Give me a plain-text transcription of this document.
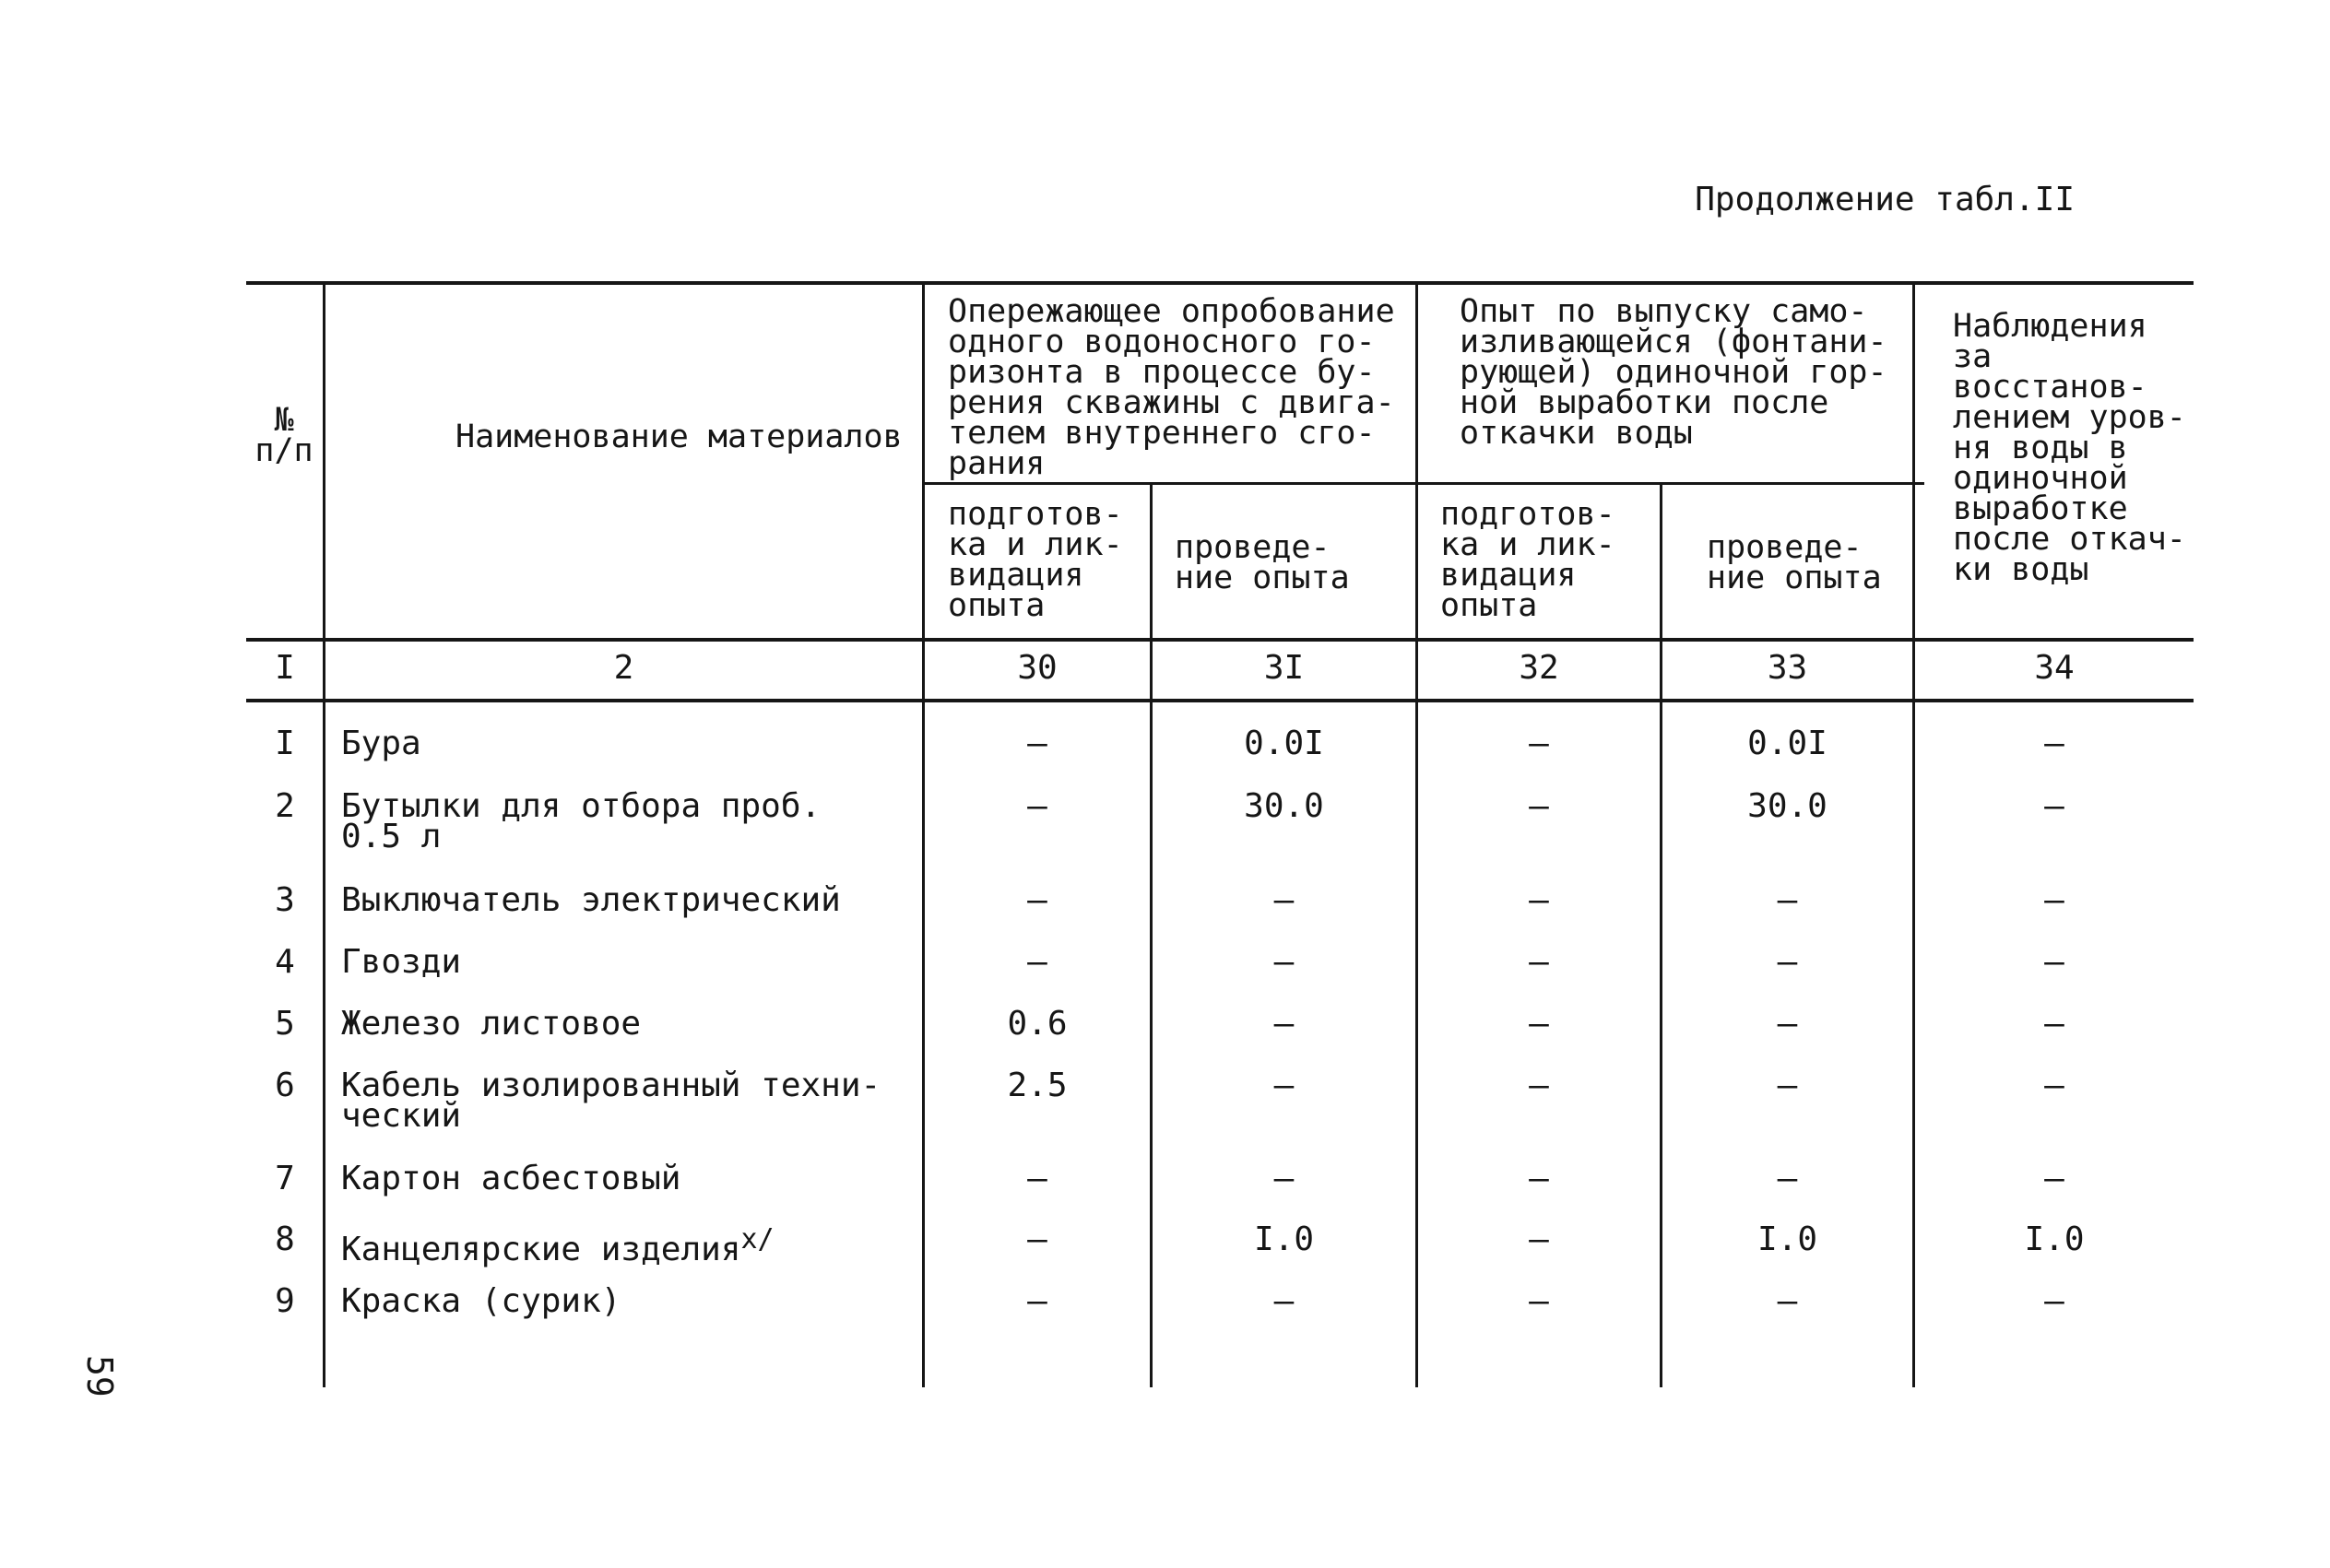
Продолжение табл.II
59
№
п/п	Наименование материалов
Опережающее опробование
одного водоносного го-
ризонта в процессе бу-
рения скважины с двига-
телем внутреннего сго-
рания
Опыт по выпуску само-
изливающейся (фонтани-
рующей) одиночной гор-
ной выработки после
откачки воды
Наблюдения
за восстанов-
лением уров-
ня воды в
одиночной
выработке
после откач-
ки воды
подготов-
ка и лик-
видация
опыта
проведе-
ние опыта
подготов-
ка и лик-
видация
опыта
проведе-
ние опыта
I	2	30	3I	32	33	34
I	Бура	–	0.0I	–	0.0I	–
2	Бутылки для отбора проб.
0.5 л
–	30.0	–	30.0	–
3	Выключатель электрический	–	–	–	–	–
4	Гвозди	–	–	–	–	–
5	Железо листовое	0.6	–	–	–	–
6	Кабель изолированный техни-
ческий
2.5	–	–	–	–
7	Картон асбестовый	–	–	–	–	–
8	Канцелярские изделия$^{х/}$	–	I.0	–	I.0	I.0
9	Краска (сурик)	–	–	–	–	–
